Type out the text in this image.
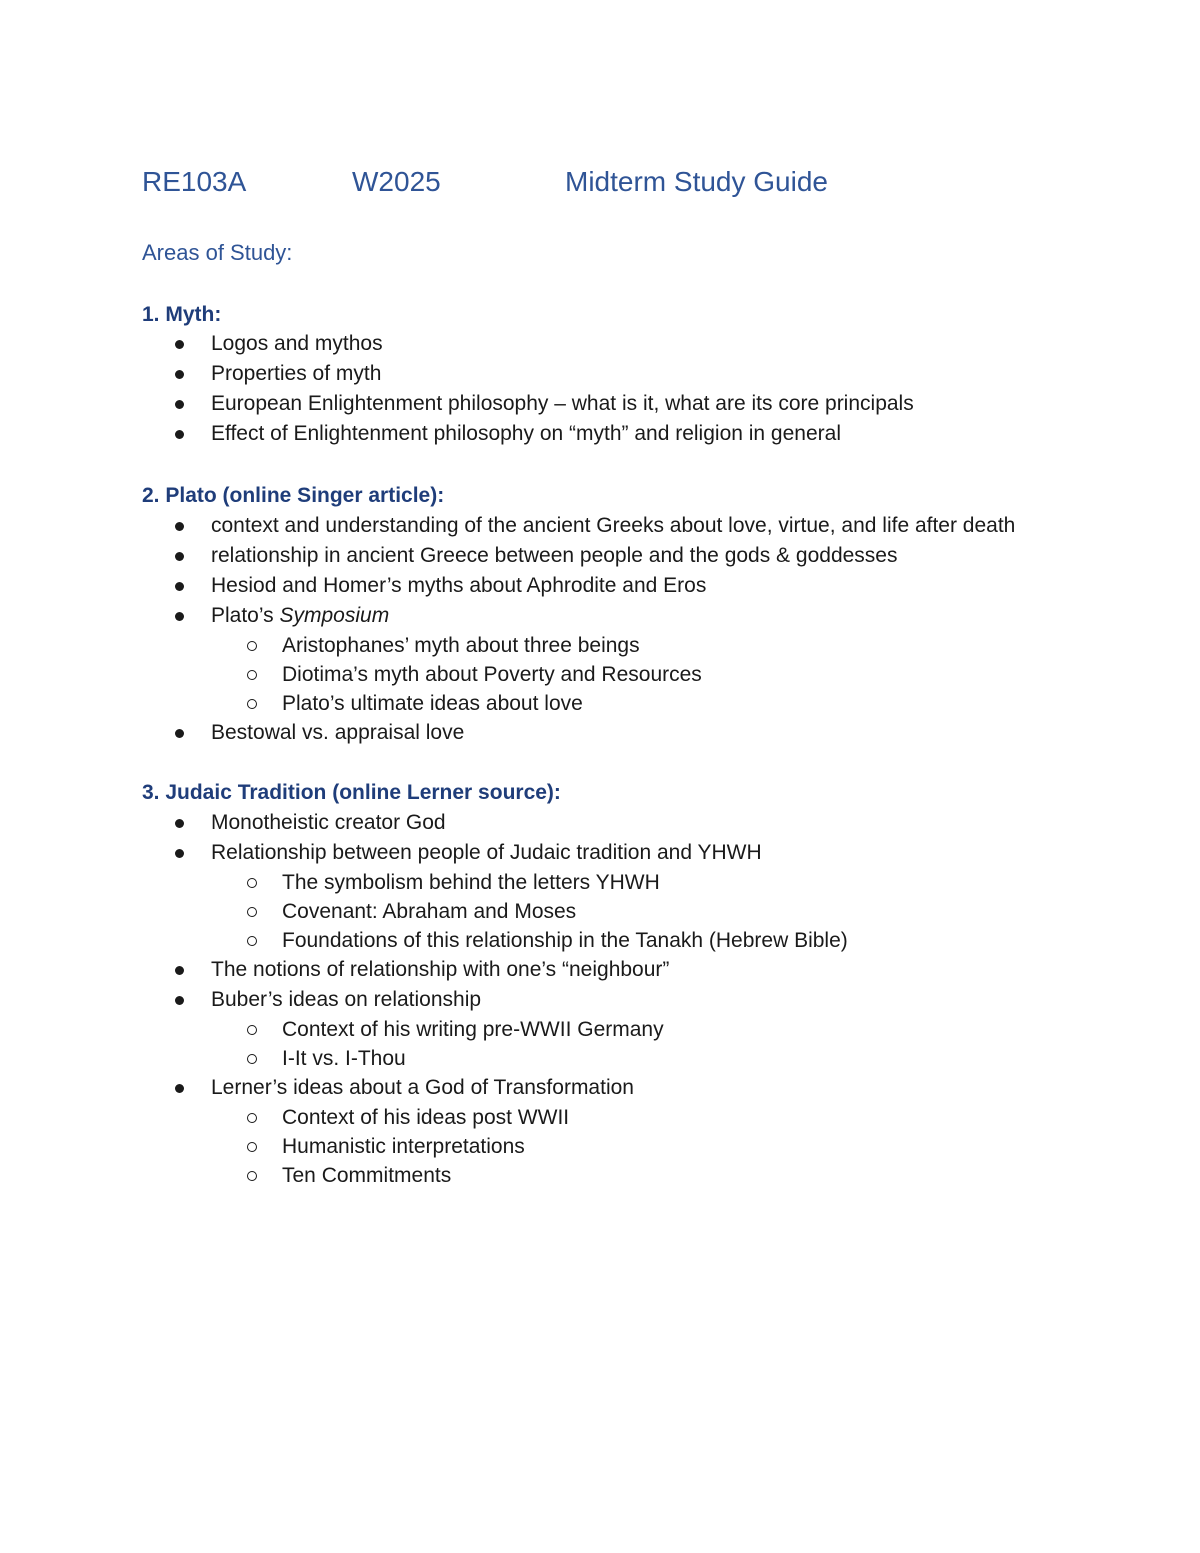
RE103A	W2025	Midterm Study Guide
Areas of Study:
1. Myth:
Logos and mythos
Properties of myth
European Enlightenment philosophy – what is it, what are its core principals
Effect of Enlightenment philosophy on “myth” and religion in general
2. Plato (online Singer article):
context and understanding of the ancient Greeks about love, virtue, and life after death
relationship in ancient Greece between people and the gods & goddesses
Hesiod and Homer’s myths about Aphrodite and Eros
Plato’s Symposium
Aristophanes’ myth about three beings
Diotima’s myth about Poverty and Resources
Plato’s ultimate ideas about love
Bestowal vs. appraisal love
3. Judaic Tradition (online Lerner source):
Monotheistic creator God
Relationship between people of Judaic tradition and YHWH
The symbolism behind the letters YHWH
Covenant: Abraham and Moses
Foundations of this relationship in the Tanakh (Hebrew Bible)
The notions of relationship with one’s “neighbour”
Buber’s ideas on relationship
Context of his writing pre-WWII Germany
I-It vs. I-Thou
Lerner’s ideas about a God of Transformation
Context of his ideas post WWII
Humanistic interpretations
Ten Commitments
